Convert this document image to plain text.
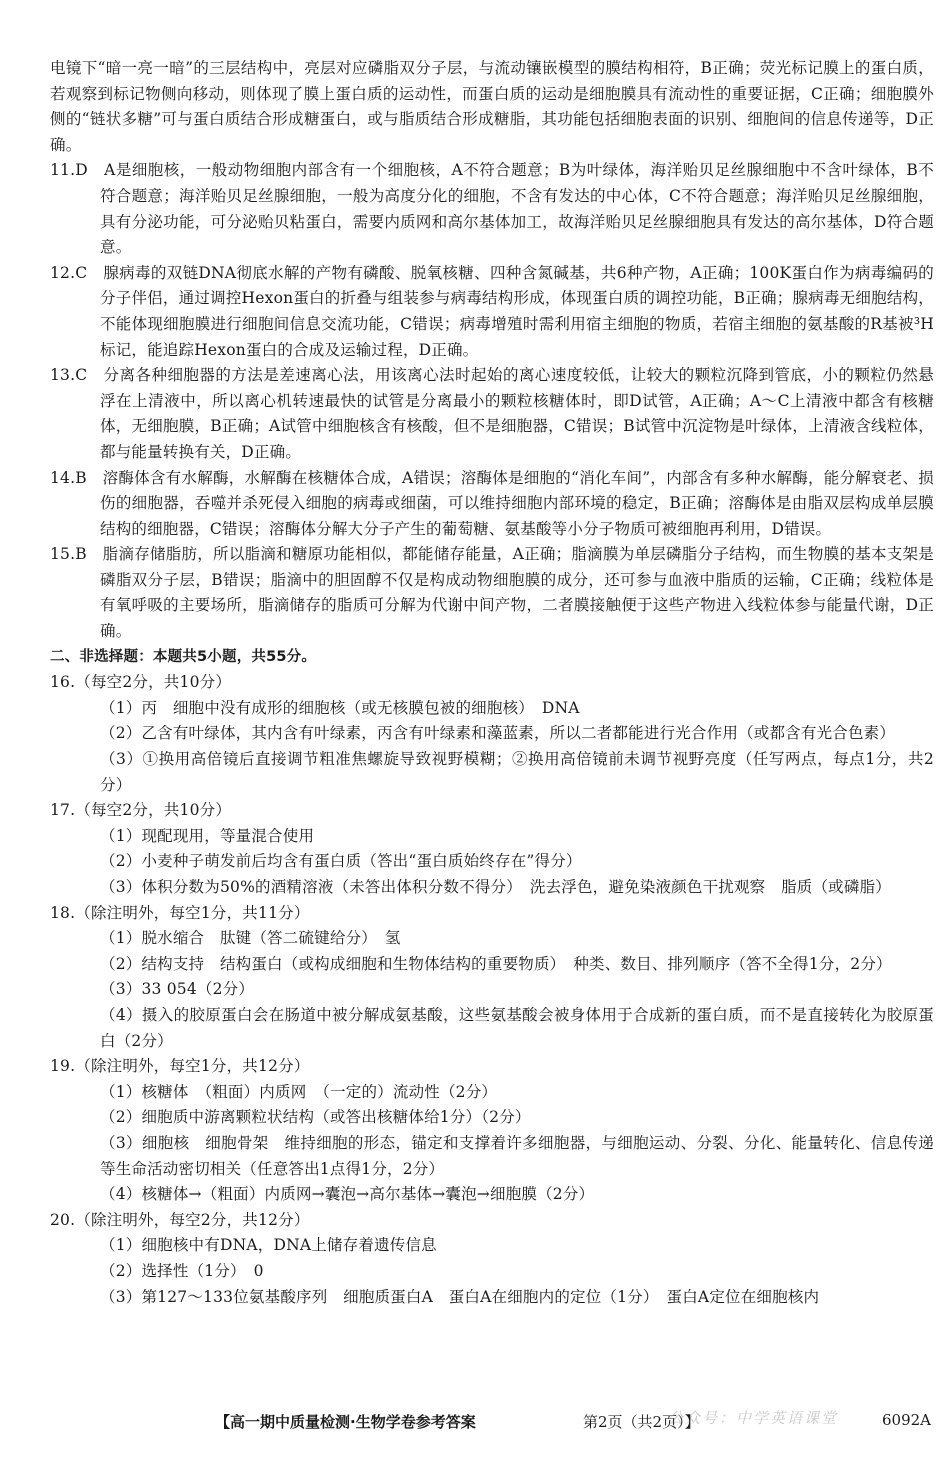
电镜下“暗一亮一暗”的三层结构中，亮层对应磷脂双分子层，与流动镶嵌模型的膜结构相符，B正确；荧光标记膜上的蛋白质，若观察到标记物侧向移动，则体现了膜上蛋白质的运动性，而蛋白质的运动是细胞膜具有流动性的重要证据，C正确；细胞膜外侧的“链状多糖”可与蛋白质结合形成糖蛋白，或与脂质结合形成糖脂，其功能包括细胞表面的识别、细胞间的信息传递等，D正确。

11.D　A是细胞核，一般动物细胞内部含有一个细胞核，A不符合题意；B为叶绿体，海洋贻贝足丝腺细胞中不含叶绿体，B不符合题意；海洋贻贝足丝腺细胞，一般为高度分化的细胞，不含有发达的中心体，C不符合题意；海洋贻贝足丝腺细胞，具有分泌功能，可分泌贻贝粘蛋白，需要内质网和高尔基体加工，故海洋贻贝足丝腺细胞具有发达的高尔基体，D符合题意。

12.C　腺病毒的双链DNA彻底水解的产物有磷酸、脱氧核糖、四种含氮碱基，共6种产物，A正确；100K蛋白作为病毒编码的分子伴侣，通过调控Hexon蛋白的折叠与组装参与病毒结构形成，体现蛋白质的调控功能，B正确；腺病毒无细胞结构，不能体现细胞膜进行细胞间信息交流功能，C错误；病毒增殖时需利用宿主细胞的物质，若宿主细胞的氨基酸的R基被³H标记，能追踪Hexon蛋白的合成及运输过程，D正确。

13.C　分离各种细胞器的方法是差速离心法，用该离心法时起始的离心速度较低，让较大的颗粒沉降到管底，小的颗粒仍然悬浮在上清液中，所以离心机转速最快的试管是分离最小的颗粒核糖体时，即D试管，A正确；A～C上清液中都含有核糖体，无细胞膜，B正确；A试管中细胞核含有核酸，但不是细胞器，C错误；B试管中沉淀物是叶绿体，上清液含线粒体，都与能量转换有关，D正确。

14.B　溶酶体含有水解酶，水解酶在核糖体合成，A错误；溶酶体是细胞的“消化车间”，内部含有多种水解酶，能分解衰老、损伤的细胞器，吞噬并杀死侵入细胞的病毒或细菌，可以维持细胞内部环境的稳定，B正确；溶酶体是由脂双层构成单层膜结构的细胞器，C错误；溶酶体分解大分子产生的葡萄糖、氨基酸等小分子物质可被细胞再利用，D错误。

15.B　脂滴存储脂肪，所以脂滴和糖原功能相似，都能储存能量，A正确；脂滴膜为单层磷脂分子结构，而生物膜的基本支架是磷脂双分子层，B错误；脂滴中的胆固醇不仅是构成动物细胞膜的成分，还可参与血液中脂质的运输，C正确；线粒体是有氧呼吸的主要场所，脂滴储存的脂质可分解为代谢中间产物，二者膜接触便于这些产物进入线粒体参与能量代谢，D正确。

二、非选择题：本题共5小题，共55分。

16.（每空2分，共10分）

（1）丙　细胞中没有成形的细胞核（或无核膜包被的细胞核）　DNA

（2）乙含有叶绿体，其内含有叶绿素，丙含有叶绿素和藻蓝素，所以二者都能进行光合作用（或都含有光合色素）

（3）①换用高倍镜后直接调节粗准焦螺旋导致视野模糊；②换用高倍镜前未调节视野亮度（任写两点，每点1分，共2分）

17.（每空2分，共10分）

（1）现配现用，等量混合使用

（2）小麦种子萌发前后均含有蛋白质（答出“蛋白质始终存在”得分）

（3）体积分数为50%的酒精溶液（未答出体积分数不得分）　洗去浮色，避免染液颜色干扰观察　脂质（或磷脂）

18.（除注明外，每空1分，共11分）

（1）脱水缩合　肽键（答二硫键给分）　氢

（2）结构支持　结构蛋白（或构成细胞和生物体结构的重要物质）　种类、数目、排列顺序（答不全得1分，2分）

（3）33 054（2分）

（4）摄入的胶原蛋白会在肠道中被分解成氨基酸，这些氨基酸会被身体用于合成新的蛋白质，而不是直接转化为胶原蛋白（2分）

19.（除注明外，每空1分，共12分）

（1）核糖体　（粗面）内质网　（一定的）流动性（2分）

（2）细胞质中游离颗粒状结构（或答出核糖体给1分）（2分）

（3）细胞核　细胞骨架　维持细胞的形态，锚定和支撑着许多细胞器，与细胞运动、分裂、分化、能量转化、信息传递等生命活动密切相关（任意答出1点得1分，2分）

（4）核糖体→（粗面）内质网→囊泡→高尔基体→囊泡→细胞膜（2分）

20.（除注明外，每空2分，共12分）

（1）细胞核中有DNA，DNA上储存着遗传信息

（2）选择性（1分）　0

（3）第127～133位氨基酸序列　细胞质蛋白A　蛋白A在细胞内的定位（1分）　蛋白A定位在细胞核内

公众号：中学英语课堂
【高一期中质量检测·生物学卷参考答案	第2页（共2页）】	6092A
